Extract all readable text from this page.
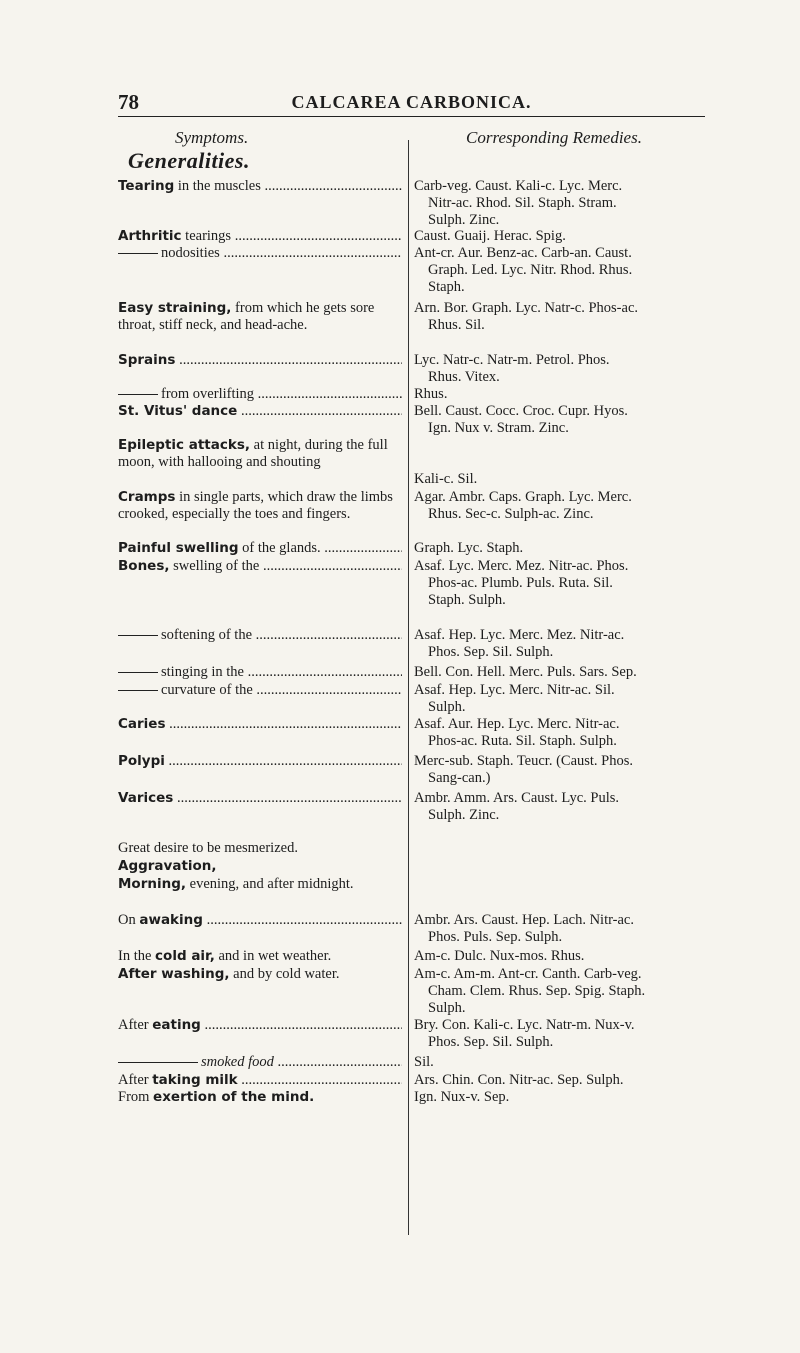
78	CALCAREA CARBONICA.
Symptoms.	Corresponding Remedies.
Generalities.
Tearing in the muscles .....
Arthritic tearings .....
nodosities .....
Easy straining, from which he gets sore throat, stiff neck, and head-ache.
Sprains .....
from overlifting .....
St. Vitus' dance .....
Epileptic attacks, at night, during the full moon, with hallooing and shouting
Cramps in single parts, which draw the limbs crooked, especially the toes and fingers.
Painful swelling of the glands. .....
Bones, swelling of the .....
softening of the .....
stinging in the .....
curvature of the .....
Caries .....
Polypi .....
Varices .....
Great desire to be mesmerized.
Aggravation,
Morning, evening, and after midnight.
On awaking .....
In the cold air, and in wet weather.
After washing, and by cold water.
After eating .....
smoked food .....
After taking milk .....
From exertion of the mind.
Carb-veg. Caust. Kali-c. Lyc. Merc.
Nitr-ac. Rhod. Sil. Staph. Stram.
Sulph. Zinc.
Caust. Guaij. Herac. Spig.
Ant-cr. Aur. Benz-ac. Carb-an. Caust.
Graph. Led. Lyc. Nitr. Rhod. Rhus.
Staph.
Arn. Bor. Graph. Lyc. Natr-c. Phos-ac.
Rhus. Sil.
Lyc. Natr-c. Natr-m. Petrol. Phos.
Rhus. Vitex.
Rhus.
Bell. Caust. Cocc. Croc. Cupr. Hyos.
Ign. Nux v. Stram. Zinc.
Kali-c. Sil.
Agar. Ambr. Caps. Graph. Lyc. Merc.
Rhus. Sec-c. Sulph-ac. Zinc.
Graph. Lyc. Staph.
Asaf. Lyc. Merc. Mez. Nitr-ac. Phos.
Phos-ac. Plumb. Puls. Ruta. Sil.
Staph. Sulph.
Asaf. Hep. Lyc. Merc. Mez. Nitr-ac.
Phos. Sep. Sil. Sulph.
Bell. Con. Hell. Merc. Puls. Sars. Sep.
Asaf. Hep. Lyc. Merc. Nitr-ac. Sil.
Sulph.
Asaf. Aur. Hep. Lyc. Merc. Nitr-ac.
Phos-ac. Ruta. Sil. Staph. Sulph.
Merc-sub. Staph. Teucr. (Caust. Phos.
Sang-can.)
Ambr. Amm. Ars. Caust. Lyc. Puls.
Sulph. Zinc.
Ambr. Ars. Caust. Hep. Lach. Nitr-ac.
Phos. Puls. Sep. Sulph.
Am-c. Dulc. Nux-mos. Rhus.
Am-c. Am-m. Ant-cr. Canth. Carb-veg.
Cham. Clem. Rhus. Sep. Spig. Staph.
Sulph.
Bry. Con. Kali-c. Lyc. Natr-m. Nux-v.
Phos. Sep. Sil. Sulph.
Sil.
Ars. Chin. Con. Nitr-ac. Sep. Sulph.
Ign. Nux-v. Sep.
